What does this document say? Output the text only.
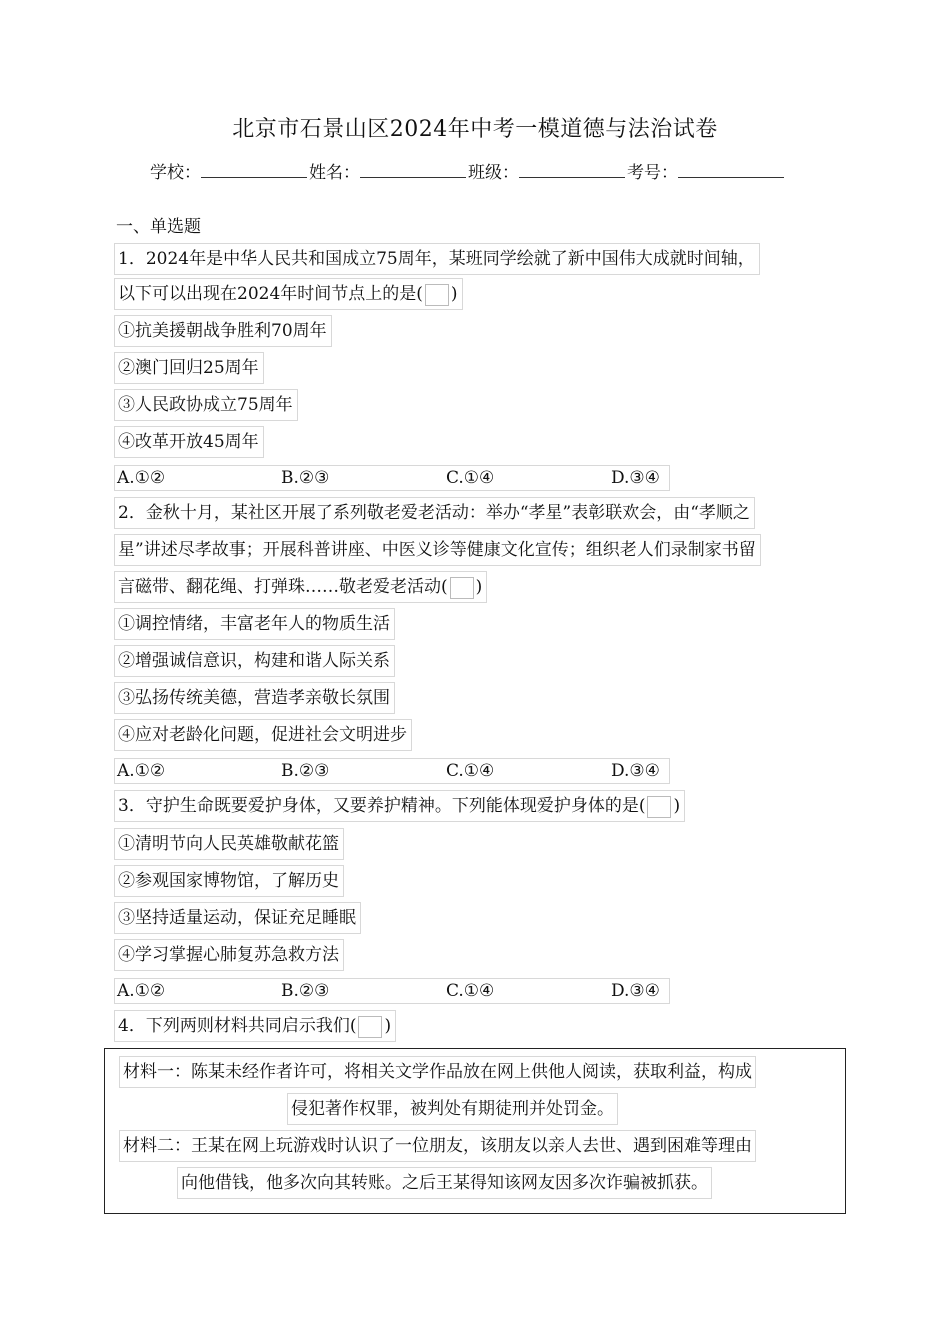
北京市石景山区2024年中考一模道德与法治试卷
学校：	姓名：	班级：	考号：
一、单选题
1．2024年是中华人民共和国成立75周年，某班同学绘就了新中国伟大成就时间轴，
以下可以出现在2024年时间节点上的是( )
①抗美援朝战争胜利70周年
②澳门回归25周年
③人民政协成立75周年
④改革开放45周年
A.①②	B.②③	C.①④	D.③④
2．金秋十月，某社区开展了系列敬老爱老活动：举办“孝星”表彰联欢会，由“孝顺之
星”讲述尽孝故事；开展科普讲座、中医义诊等健康文化宣传；组织老人们录制家书留
言磁带、翻花绳、打弹珠……敬老爱老活动( )
①调控情绪，丰富老年人的物质生活
②增强诚信意识，构建和谐人际关系
③弘扬传统美德，营造孝亲敬长氛围
④应对老龄化问题，促进社会文明进步
A.①②	B.②③	C.①④	D.③④
3．守护生命既要爱护身体，又要养护精神。下列能体现爱护身体的是( )
①清明节向人民英雄敬献花篮
②参观国家博物馆，了解历史
③坚持适量运动，保证充足睡眠
④学习掌握心肺复苏急救方法
A.①②	B.②③	C.①④	D.③④
4．下列两则材料共同启示我们( )
材料一：陈某未经作者许可，将相关文学作品放在网上供他人阅读，获取利益，构成
侵犯著作权罪，被判处有期徒刑并处罚金。
材料二：王某在网上玩游戏时认识了一位朋友，该朋友以亲人去世、遇到困难等理由
向他借钱，他多次向其转账。之后王某得知该网友因多次诈骗被抓获。
